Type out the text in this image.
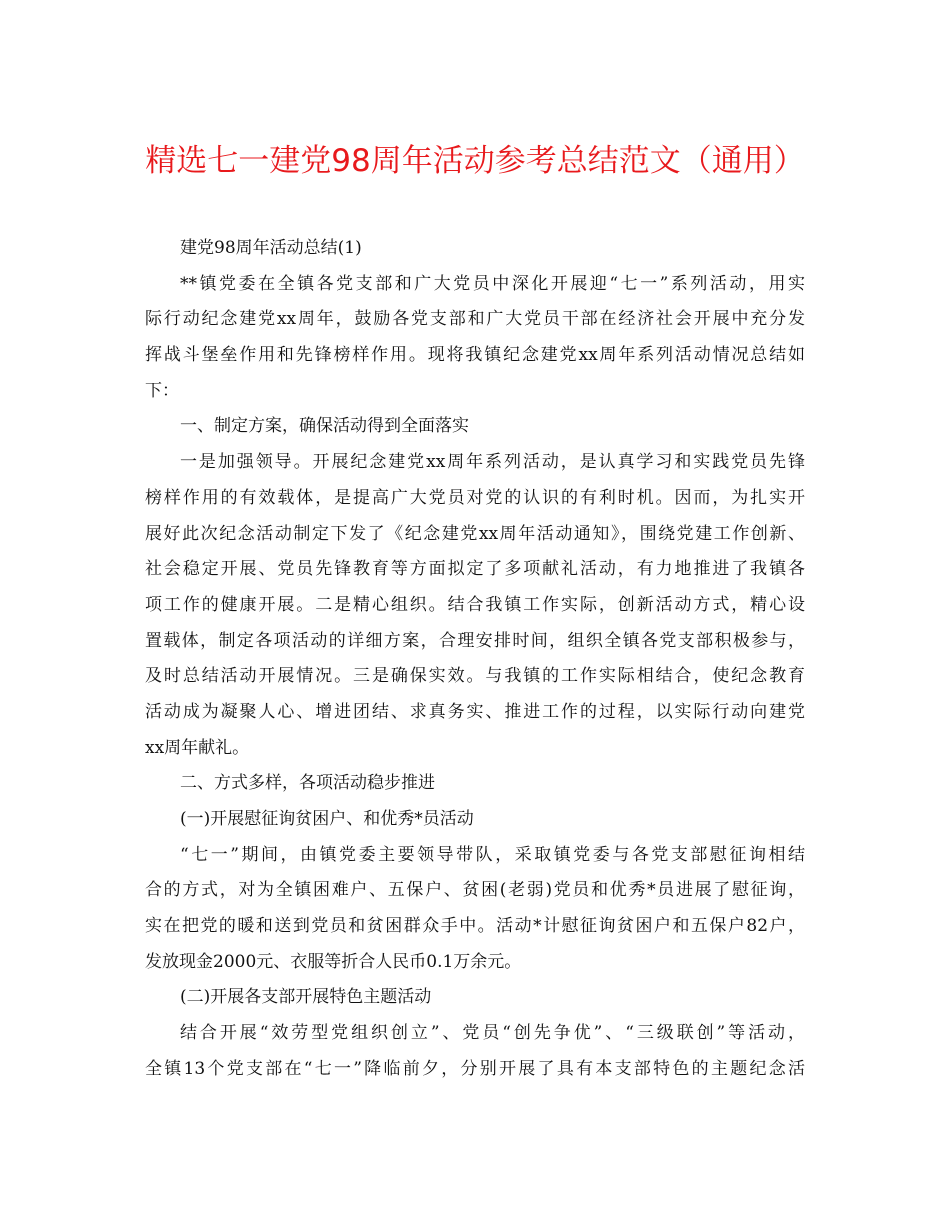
精选七一建党98周年活动参考总结范文（通用）
建党98周年活动总结(1)
**镇党委在全镇各党支部和广大党员中深化开展迎“七一”系列活动，用实
际行动纪念建党xx周年，鼓励各党支部和广大党员干部在经济社会开展中充分发
挥战斗堡垒作用和先锋榜样作用。现将我镇纪念建党xx周年系列活动情况总结如
下：
一、制定方案，确保活动得到全面落实
一是加强领导。开展纪念建党xx周年系列活动，是认真学习和实践党员先锋
榜样作用的有效载体，是提高广大党员对党的认识的有利时机。因而，为扎实开
展好此次纪念活动制定下发了《纪念建党xx周年活动通知》，围绕党建工作创新、
社会稳定开展、党员先锋教育等方面拟定了多项献礼活动，有力地推进了我镇各
项工作的健康开展。二是精心组织。结合我镇工作实际，创新活动方式，精心设
置载体，制定各项活动的详细方案，合理安排时间，组织全镇各党支部积极参与，
及时总结活动开展情况。三是确保实效。与我镇的工作实际相结合，使纪念教育
活动成为凝聚人心、增进团结、求真务实、推进工作的过程，以实际行动向建党
xx周年献礼。
二、方式多样，各项活动稳步推进
(一)开展慰征询贫困户、和优秀*员活动
“七一”期间，由镇党委主要领导带队，采取镇党委与各党支部慰征询相结
合的方式，对为全镇困难户、五保户、贫困(老弱)党员和优秀*员进展了慰征询，
实在把党的暖和送到党员和贫困群众手中。活动*计慰征询贫困户和五保户82户，
发放现金2000元、衣服等折合人民币0.1万余元。
(二)开展各支部开展特色主题活动
结合开展“效劳型党组织创立”、党员“创先争优”、“三级联创”等活动，
全镇13个党支部在“七一”降临前夕，分别开展了具有本支部特色的主题纪念活
